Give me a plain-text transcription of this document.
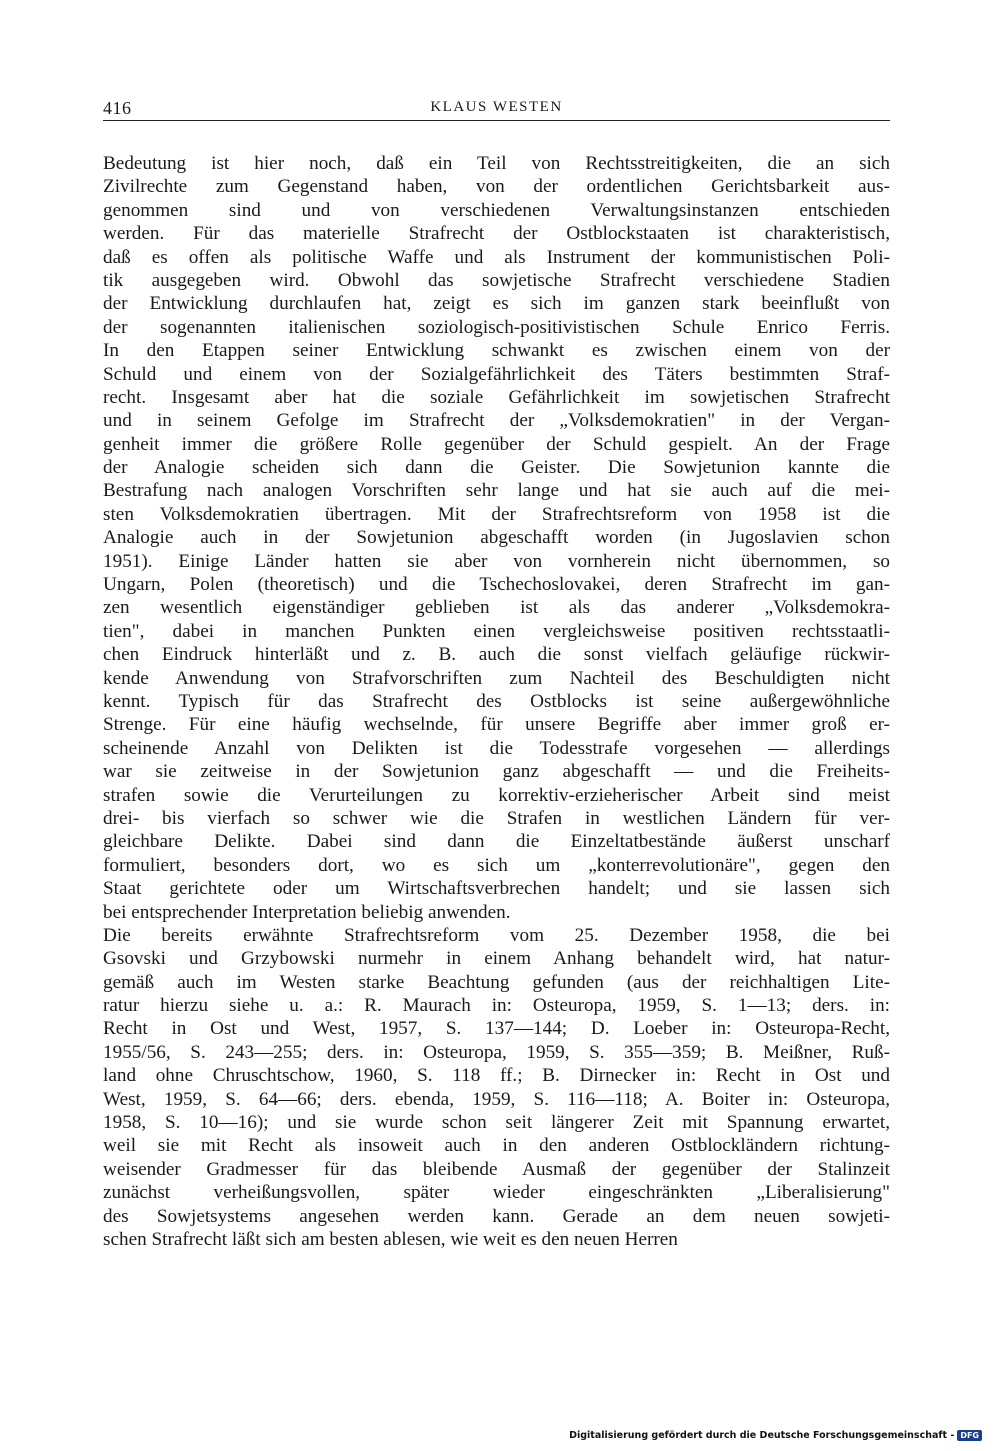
416	KLAUS WESTEN
Bedeutung ist hier noch, daß ein Teil von Rechtsstreitigkeiten, die an sich
Zivilrechte zum Gegenstand haben, von der ordentlichen Gerichtsbarkeit aus-
genommen sind und von verschiedenen Verwaltungsinstanzen entschieden
werden. Für das materielle Strafrecht der Ostblockstaaten ist charakteristisch,
daß es offen als politische Waffe und als Instrument der kommunistischen Poli-
tik ausgegeben wird. Obwohl das sowjetische Strafrecht verschiedene Stadien
der Entwicklung durchlaufen hat, zeigt es sich im ganzen stark beeinflußt von
der sogenannten italienischen soziologisch-positivistischen Schule Enrico Ferris.
In den Etappen seiner Entwicklung schwankt es zwischen einem von der
Schuld und einem von der Sozialgefährlichkeit des Täters bestimmten Straf-
recht. Insgesamt aber hat die soziale Gefährlichkeit im sowjetischen Strafrecht
und in seinem Gefolge im Strafrecht der „Volksdemokratien" in der Vergan-
genheit immer die größere Rolle gegenüber der Schuld gespielt. An der Frage
der Analogie scheiden sich dann die Geister. Die Sowjetunion kannte die
Bestrafung nach analogen Vorschriften sehr lange und hat sie auch auf die mei-
sten Volksdemokratien übertragen. Mit der Strafrechtsreform von 1958 ist die
Analogie auch in der Sowjetunion abgeschafft worden (in Jugoslavien schon
1951). Einige Länder hatten sie aber von vornherein nicht übernommen, so
Ungarn, Polen (theoretisch) und die Tschechoslovakei, deren Strafrecht im gan-
zen wesentlich eigenständiger geblieben ist als das anderer „Volksdemokra-
tien", dabei in manchen Punkten einen vergleichsweise positiven rechtsstaatli-
chen Eindruck hinterläßt und z. B. auch die sonst vielfach geläufige rückwir-
kende Anwendung von Strafvorschriften zum Nachteil des Beschuldigten nicht
kennt. Typisch für das Strafrecht des Ostblocks ist seine außergewöhnliche
Strenge. Für eine häufig wechselnde, für unsere Begriffe aber immer groß er-
scheinende Anzahl von Delikten ist die Todesstrafe vorgesehen — allerdings
war sie zeitweise in der Sowjetunion ganz abgeschafft — und die Freiheits-
strafen sowie die Verurteilungen zu korrektiv-erzieherischer Arbeit sind meist
drei- bis vierfach so schwer wie die Strafen in westlichen Ländern für ver-
gleichbare Delikte. Dabei sind dann die Einzeltatbestände äußerst unscharf
formuliert, besonders dort, wo es sich um „konterrevolutionäre", gegen den
Staat gerichtete oder um Wirtschaftsverbrechen handelt; und sie lassen sich
bei entsprechender Interpretation beliebig anwenden.
Die bereits erwähnte Strafrechtsreform vom 25. Dezember 1958, die bei
Gsovski und Grzybowski nurmehr in einem Anhang behandelt wird, hat natur-
gemäß auch im Westen starke Beachtung gefunden (aus der reichhaltigen Lite-
ratur hierzu siehe u. a.: R. Maurach in: Osteuropa, 1959, S. 1—13; ders. in:
Recht in Ost und West, 1957, S. 137—144; D. Loeber in: Osteuropa-Recht,
1955/56, S. 243—255; ders. in: Osteuropa, 1959, S. 355—359; B. Meißner, Ruß-
land ohne Chruschtschow, 1960, S. 118 ff.; B. Dirnecker in: Recht in Ost und
West, 1959, S. 64—66; ders. ebenda, 1959, S. 116—118; A. Boiter in: Osteuropa,
1958, S. 10—16); und sie wurde schon seit längerer Zeit mit Spannung erwartet,
weil sie mit Recht als insoweit auch in den anderen Ostblockländern richtung-
weisender Gradmesser für das bleibende Ausmaß der gegenüber der Stalinzeit
zunächst verheißungsvollen, später wieder eingeschränkten „Liberalisierung"
des Sowjetsystems angesehen werden kann. Gerade an dem neuen sowjeti-
schen Strafrecht läßt sich am besten ablesen, wie weit es den neuen Herren
Digitalisierung gefördert durch die Deutsche Forschungsgemeinschaft - DFG
